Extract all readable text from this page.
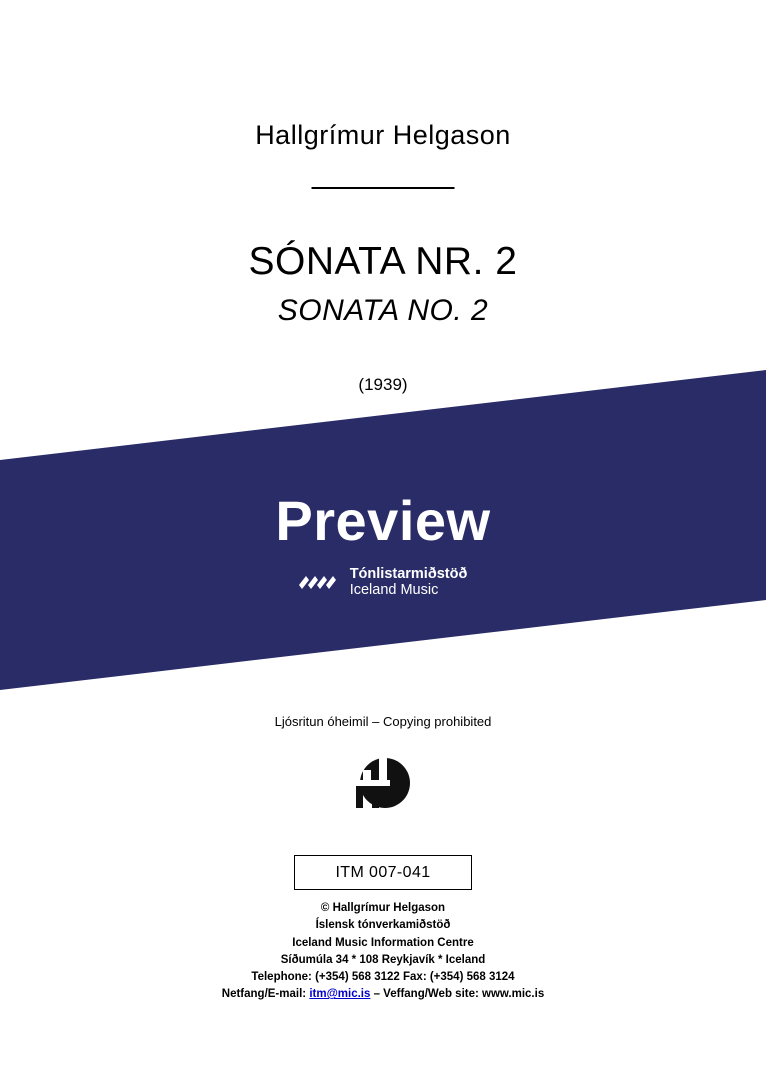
Hallgrímur Helgason
SÓNATA NR. 2
SONATA NO. 2
(1939)
Preview
Tónlistarmiðstöð
Iceland Music
Ljósritun óheimil – Copying prohibited
ITM 007-041
© Hallgrímur Helgason
Íslensk tónverkamiðstöð
Iceland Music Information Centre
Síðumúla 34 * 108 Reykjavík * Iceland
Telephone: (+354) 568 3122 Fax: (+354) 568 3124
Netfang/E-mail: itm@mic.is – Veffang/Web site: www.mic.is
